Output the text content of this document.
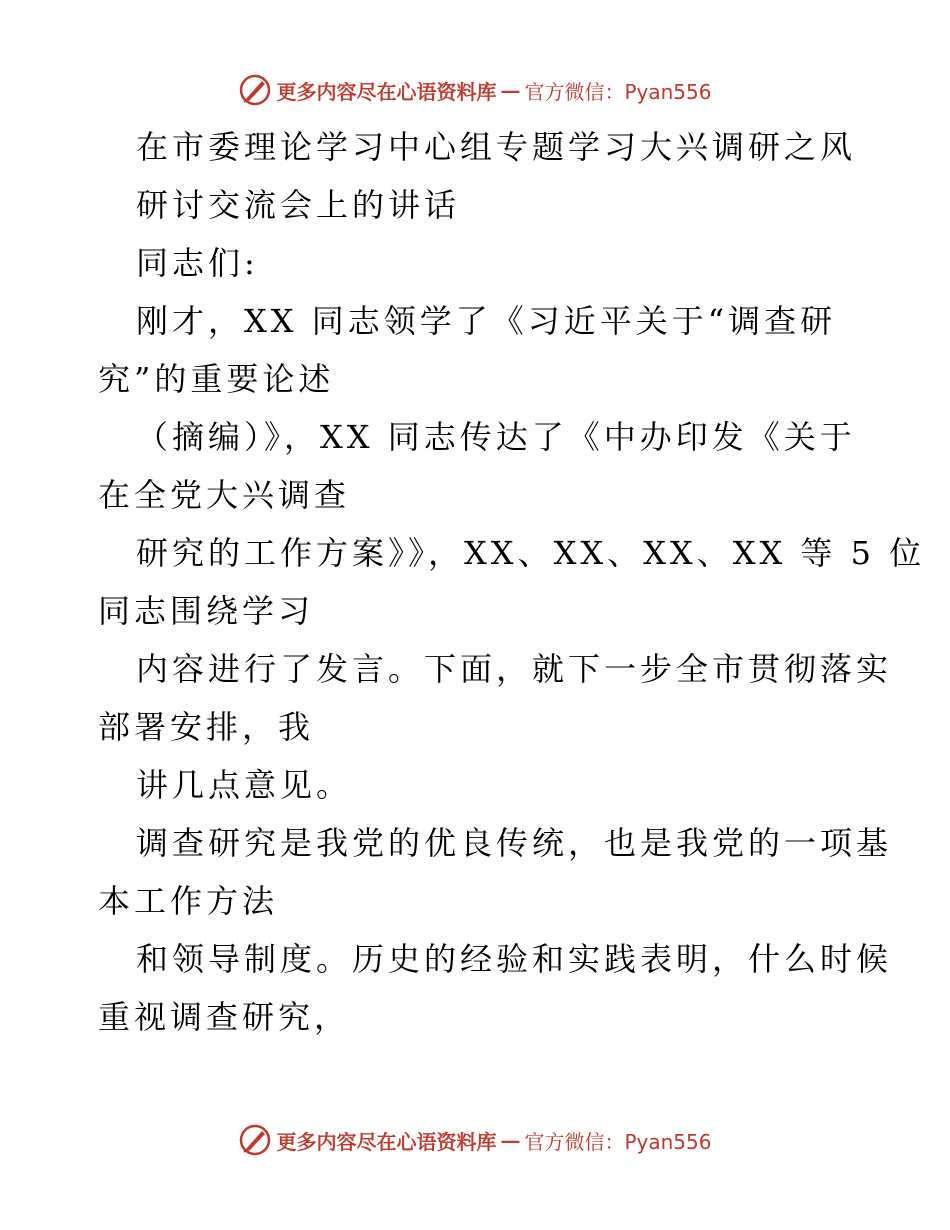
更多内容尽在心语资料库 — 官方微信：Pyan556
在市委理论学习中心组专题学习大兴调研之风
研讨交流会上的讲话
同志们:
刚才，XX 同志领学了《习近平关于“调查研
究”的重要论述
（摘编）》，XX 同志传达了《中办印发《关于
在全党大兴调查
研究的工作方案》》，XX、XX、XX、XX 等 5 位
同志围绕学习
内容进行了发言。下面，就下一步全市贯彻落实
部署安排，我
讲几点意见。
调查研究是我党的优良传统，也是我党的一项基
本工作方法
和领导制度。历史的经验和实践表明，什么时候
重视调查研究，
更多内容尽在心语资料库 — 官方微信：Pyan556
